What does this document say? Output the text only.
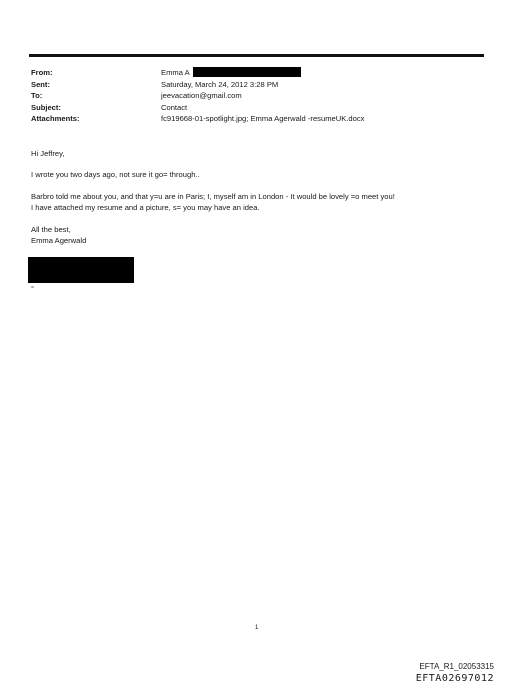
From:	Emma A
Sent:	Saturday, March 24, 2012 3:28 PM
To:	jeevacation@gmail.com
Subject:	Contact
Attachments:	fc919668-01-spotlight.jpg; Emma Agerwald -resumeUK.docx

Hi Jeffrey,

I wrote you two days ago, not sure it go= through..

Barbro told me about you, and that y=u are in Paris; I, myself am in London - It would be lovely =o meet you!

I have attached my resume and a picture, s= you may have an idea.

All the best,

Emma Agerwald

=
1
EFTA_R1_02053315
EFTA02697012
